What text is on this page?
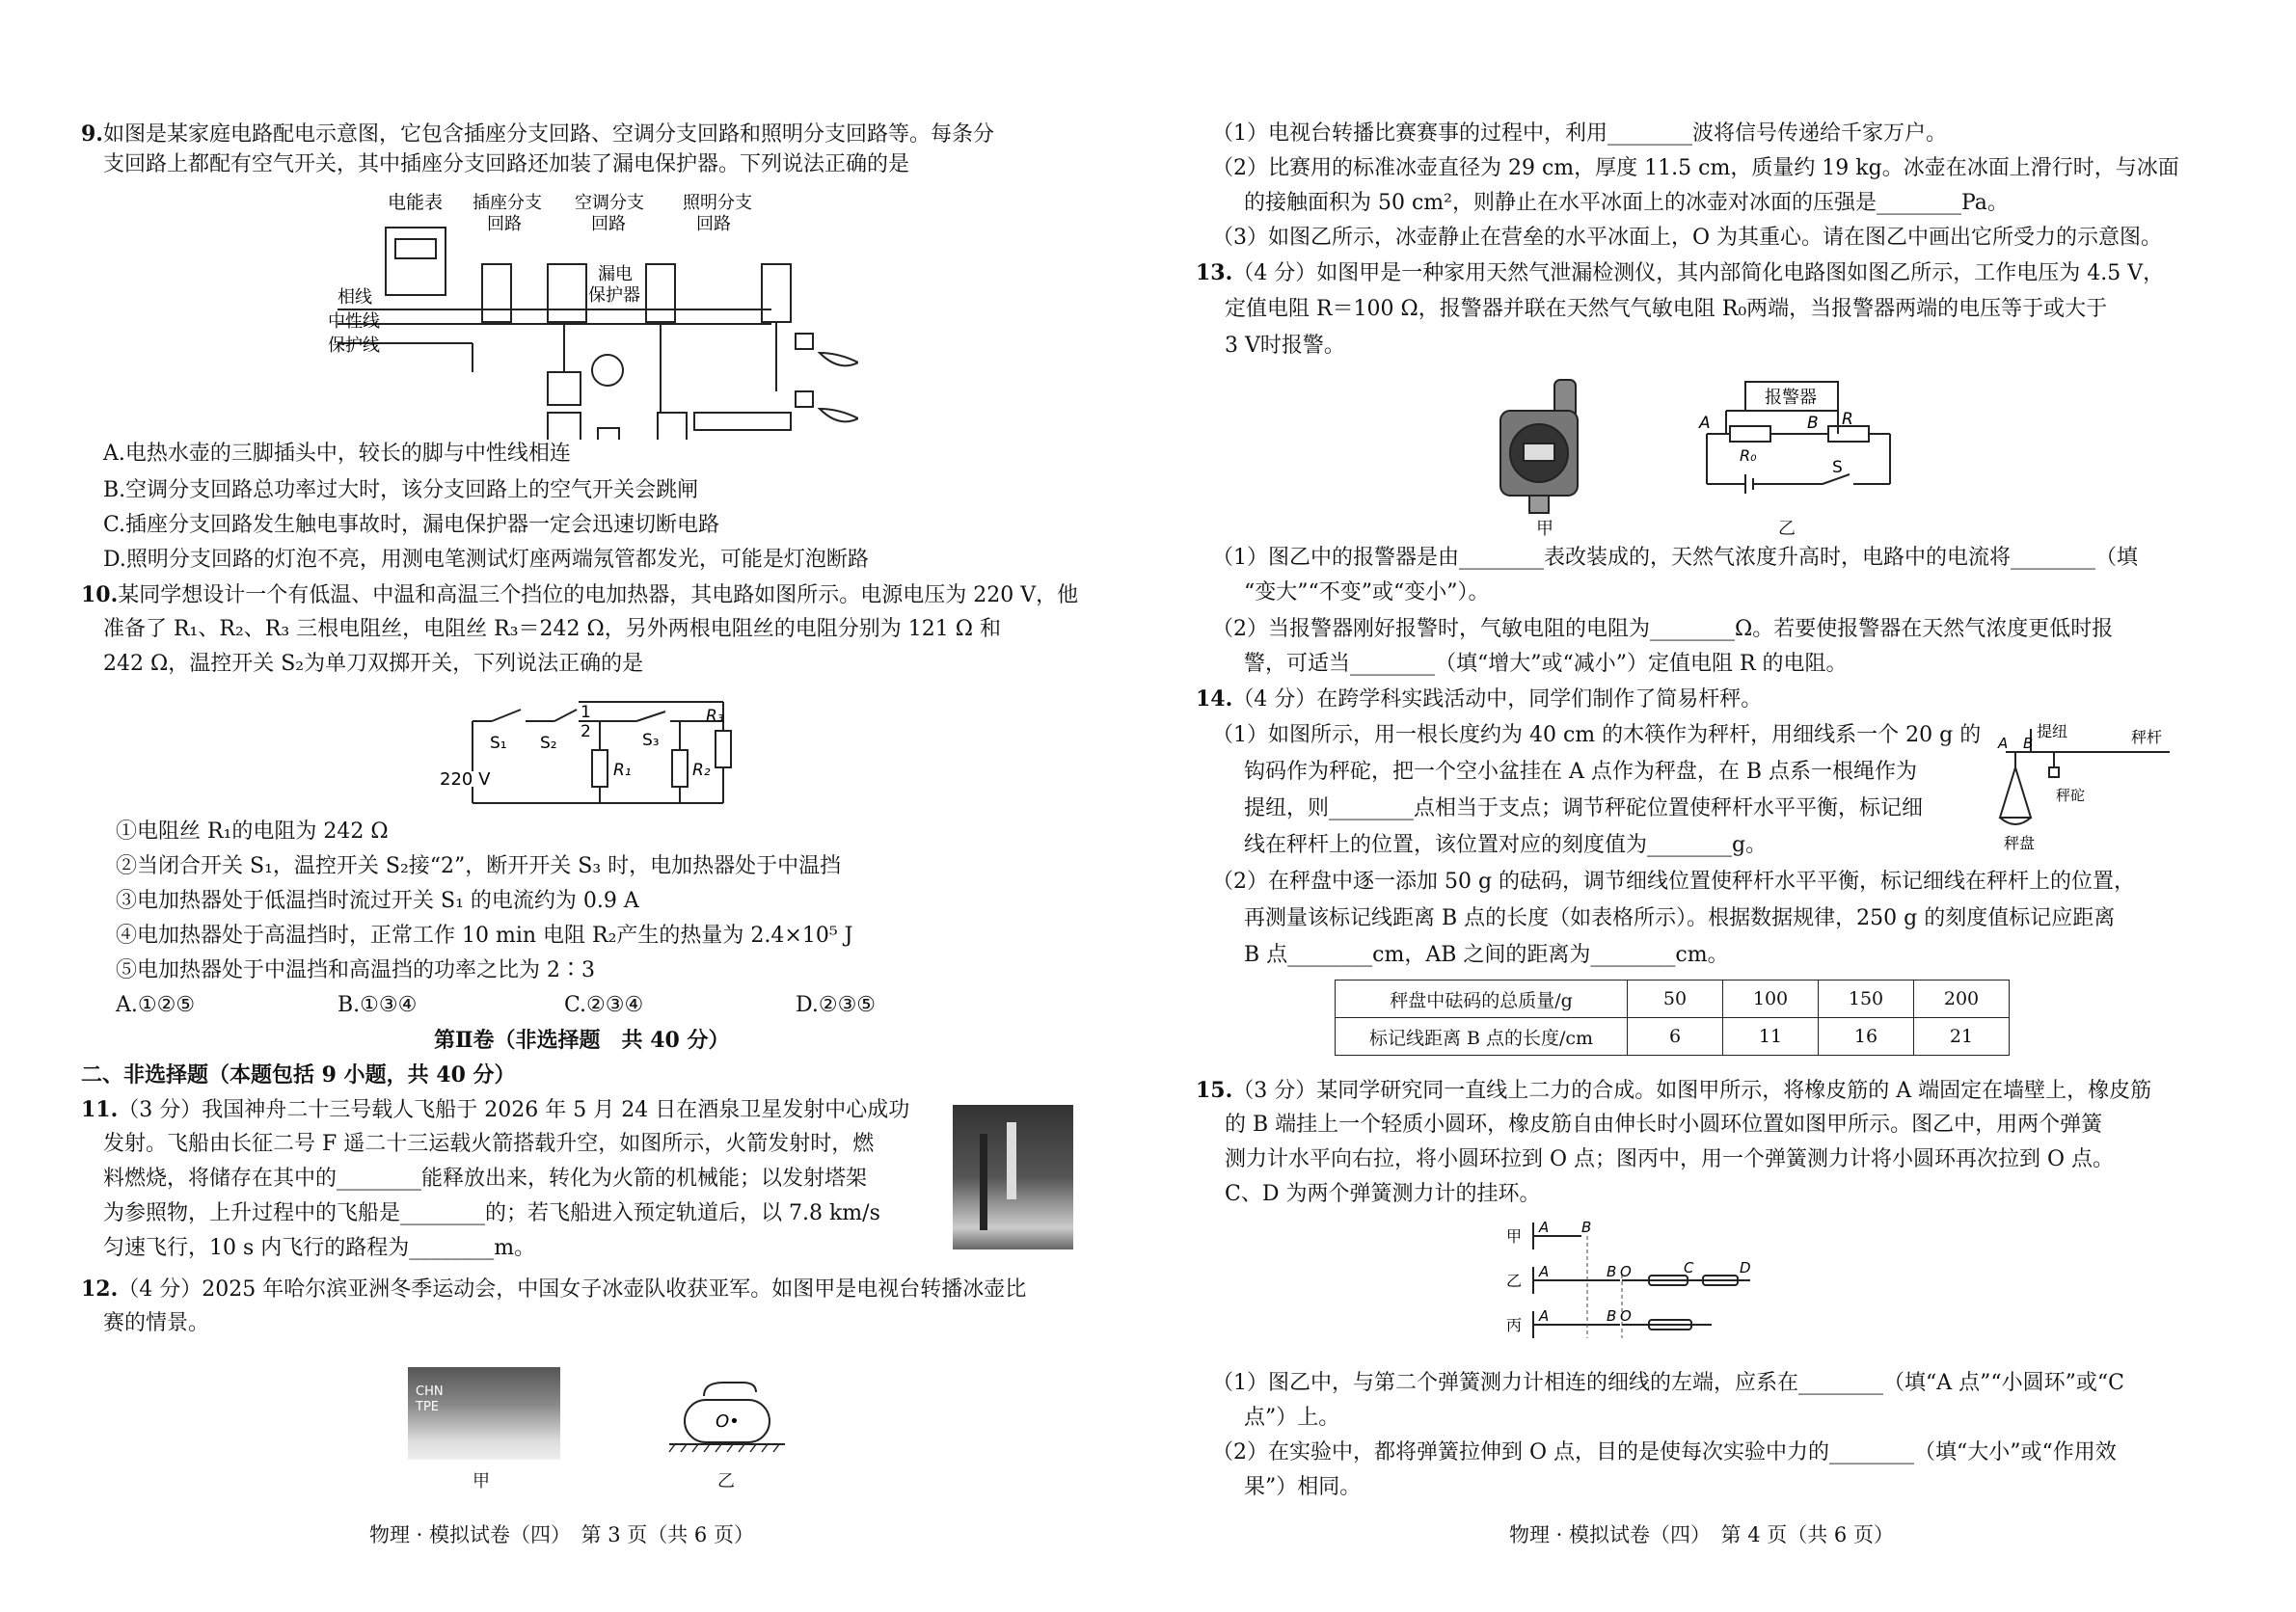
9.如图是某家庭电路配电示意图，它包含插座分支回路、空调分支回路和照明分支回路等。每条分
支回路上都配有空气开关，其中插座分支回路还加装了漏电保护器。下列说法正确的是
电能表 插座分支
回路
空调分支
回路
照明分支
回路
漏电
保护器
相线
中性线
保护线
A.电热水壶的三脚插头中，较长的脚与中性线相连
B.空调分支回路总功率过大时，该分支回路上的空气开关会跳闸
C.插座分支回路发生触电事故时，漏电保护器一定会迅速切断电路
D.照明分支回路的灯泡不亮，用测电笔测试灯座两端氖管都发光，可能是灯泡断路
10.某同学想设计一个有低温、中温和高温三个挡位的电加热器，其电路如图所示。电源电压为 220 V，他
准备了 R₁、R₂、R₃ 三根电阻丝，电阻丝 R₃＝242 Ω，另外两根电阻丝的电阻分别为 121 Ω 和
242 Ω，温控开关 S₂为单刀双掷开关，下列说法正确的是
S₁ S₂
1
2	S₃
R₁	R₂
R₃
220 V
①电阻丝 R₁的电阻为 242 Ω
②当闭合开关 S₁，温控开关 S₂接“2”，断开开关 S₃ 时，电加热器处于中温挡
③电加热器处于低温挡时流过开关 S₁ 的电流约为 0.9 A
④电加热器处于高温挡时，正常工作 10 min 电阻 R₂产生的热量为 2.4×10⁵ J
⑤电加热器处于中温挡和高温挡的功率之比为 2∶3
A.①②⑤	B.①③④	C.②③④	D.②③⑤
第Ⅱ卷（非选择题　共 40 分）
二、非选择题（本题包括 9 小题，共 40 分）
11.（3 分）我国神舟二十三号载人飞船于 2026 年 5 月 24 日在酒泉卫星发射中心成功
发射。飞船由长征二号 F 遥二十三运载火箭搭载升空，如图所示，火箭发射时，燃
料燃烧，将储存在其中的________能释放出来，转化为火箭的机械能；以发射塔架
为参照物，上升过程中的飞船是________的；若飞船进入预定轨道后，以 7.8 km/s
匀速飞行，10 s 内飞行的路程为________m。
12.（4 分）2025 年哈尔滨亚洲冬季运动会，中国女子冰壶队收获亚军。如图甲是电视台转播冰壶比
赛的情景。
CHN
TPE
甲
O•
乙
物理 · 模拟试卷（四）　第 3 页（共 6 页）
（1）电视台转播比赛赛事的过程中，利用________波将信号传递给千家万户。
（2）比赛用的标准冰壶直径为 29 cm，厚度 11.5 cm，质量约 19 kg。冰壶在冰面上滑行时，与冰面
的接触面积为 50 cm²，则静止在水平冰面上的冰壶对冰面的压强是________Pa。
（3）如图乙所示，冰壶静止在营垒的水平冰面上，O 为其重心。请在图乙中画出它所受力的示意图。
13.（4 分）如图甲是一种家用天然气泄漏检测仪，其内部简化电路图如图乙所示，工作电压为 4.5 V，
定值电阻 R＝100 Ω，报警器并联在天然气气敏电阻 R₀两端，当报警器两端的电压等于或大于
3 V时报警。
甲
报警器
A	B
R₀
R
S
乙
（1）图乙中的报警器是由________表改装成的，天然气浓度升高时，电路中的电流将________（填
“变大”“不变”或“变小”）。
（2）当报警器刚好报警时，气敏电阻的电阻为________Ω。若要使报警器在天然气浓度更低时报
警，可适当________（填“增大”或“减小”）定值电阻 R 的电阻。
14.（4 分）在跨学科实践活动中，同学们制作了简易杆秤。
（1）如图所示，用一根长度约为 40 cm 的木筷作为秤杆，用细线系一个 20 g 的
钩码作为秤砣，把一个空小盆挂在 A 点作为秤盘，在 B 点系一根绳作为
提纽，则________点相当于支点；调节秤砣位置使秤杆水平平衡，标记细
线在秤杆上的位置，该位置对应的刻度值为________g。
A B
提纽	秤杆
秤砣
秤盘
（2）在秤盘中逐一添加 50 g 的砝码，调节细线位置使秤杆水平平衡，标记细线在秤杆上的位置，
再测量该标记线距离 B 点的长度（如表格所示）。根据数据规律，250 g 的刻度值标记应距离
B 点________cm，AB 之间的距离为________cm。
秤盘中砝码的总质量/g	50	100	150	200
标记线距离 B 点的长度/cm	6	11	16	21
15.（3 分）某同学研究同一直线上二力的合成。如图甲所示，将橡皮筋的 A 端固定在墙壁上，橡皮筋
的 B 端挂上一个轻质小圆环，橡皮筋自由伸长时小圆环位置如图甲所示。图乙中，用两个弹簧
测力计水平向右拉，将小圆环拉到 O 点；图丙中，用一个弹簧测力计将小圆环再次拉到 O 点。
C、D 为两个弹簧测力计的挂环。
甲
乙
丙
A B
A	B O	C	D
A	B O
（1）图乙中，与第二个弹簧测力计相连的细线的左端，应系在________（填“A 点”“小圆环”或“C
点”）上。
（2）在实验中，都将弹簧拉伸到 O 点，目的是使每次实验中力的________（填“大小”或“作用效
果”）相同。
物理 · 模拟试卷（四）　第 4 页（共 6 页）
